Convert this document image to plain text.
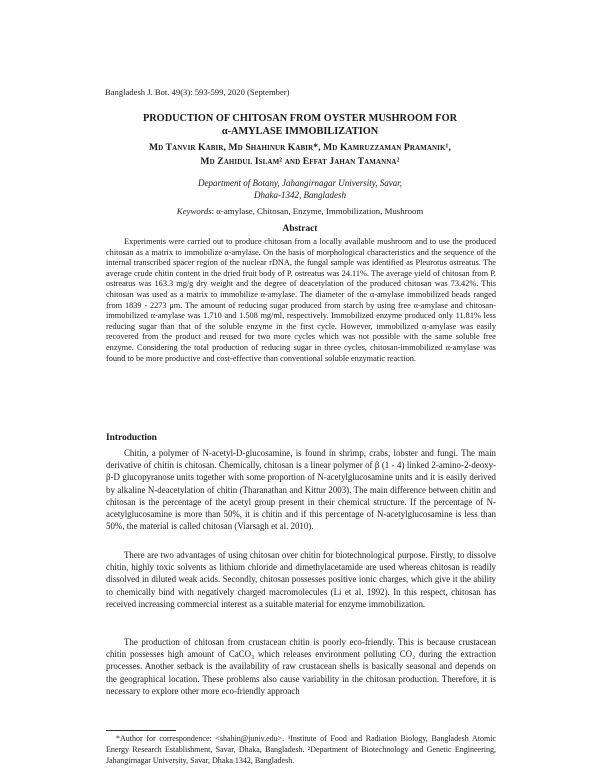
Bangladesh J. Bot. 49(3): 593-599, 2020 (September)
PRODUCTION OF CHITOSAN FROM OYSTER MUSHROOM FOR
α-AMYLASE IMMOBILIZATION
Md Tanvir Kabir, Md Shahinur Kabir*, Md Kamruzzaman Pramanik¹,
Md Zahidul Islam² and Effat Jahan Tamanna²
Department of Botany, Jahangirnagar University, Savar,
Dhaka-1342, Bangladesh
Keywords: α-amylase, Chitosan, Enzyme, Immobilization, Mushroom
Abstract

Experiments were carried out to produce chitosan from a locally available mushroom and to use the produced chitosan as a matrix to immobilize α-amylase. On the basis of morphological characteristics and the sequence of the internal transcribed spacer region of the nuclear rDNA, the fungal sample was identified as Pleurotus ostreatus. The average crude chitin content in the dried fruit body of P. ostreatus was 24.11%. The average yield of chitosan from P. ostreatus was 163.3 mg/g dry weight and the degree of deacetylation of the produced chitosan was 73.42%. This chitosan was used as a matrix to immobilize α-amylase. The diameter of the α-amylase immobilized beads ranged from 1839 - 2273 μm. The amount of reducing sugar produced from starch by using free α-amylase and chitosan-immobilized α-amylase was 1.710 and 1.508 mg/ml, respectively. Immobilized enzyme produced only 11.81% less reducing sugar than that of the soluble enzyme in the first cycle. However, immobilized α-amylase was easily recovered from the product and reused for two more cycles which was not possible with the same soluble free enzyme. Considering the total production of reducing sugar in three cycles, chitosan-immobilized α-amylase was found to be more productive and cost-effective than conventional soluble enzymatic reaction.

Introduction

Chitin, a polymer of N-acetyl-D-glucosamine, is found in shrimp, crabs, lobster and fungi. The main derivative of chitin is chitosan. Chemically, chitosan is a linear polymer of β (1 - 4) linked 2-amino-2-deoxy-β-D glucopyranose units together with some proportion of N-acetylglucosamine units and it is easily derived by alkaline N-deacetylation of chitin (Tharanathan and Kittur 2003). The main difference between chitin and chitosan is the percentage of the acetyl group present in their chemical structure. If the percentage of N-acetylglucosamine is more than 50%, it is chitin and if this percentage of N-acetylglucosamine is less than 50%, the material is called chitosan (Viarsagh et al. 2010).

There are two advantages of using chitosan over chitin for biotechnological purpose. Firstly, to dissolve chitin, highly toxic solvents as lithium chloride and dimethylacetamide are used whereas chitosan is readily dissolved in diluted weak acids. Secondly, chitosan possesses positive ionic charges, which give it the ability to chemically bind with negatively charged macromolecules (Li et al. 1992). In this respect, chitosan has received increasing commercial interest as a suitable material for enzyme immobilization.

The production of chitosan from crustacean chitin is poorly eco-friendly. This is because crustacean chitin possesses high amount of CaCO₃ which releases environment polluting CO₂ during the extraction processes. Another setback is the availability of raw crustacean shells is basically seasonal and depends on the geographical location. These problems also cause variability in the chitosan production. Therefore, it is necessary to explore other more eco-friendly approach

*Author for correspondence: <shahin@juniv.edu>. ¹Institute of Food and Radiation Biology, Bangladesh Atomic Energy Research Establishment, Savar, Dhaka, Bangladesh. ²Department of Biotechnology and Genetic Engineering, Jahangirnagar University, Savar, Dhaka 1342, Bangladesh.
